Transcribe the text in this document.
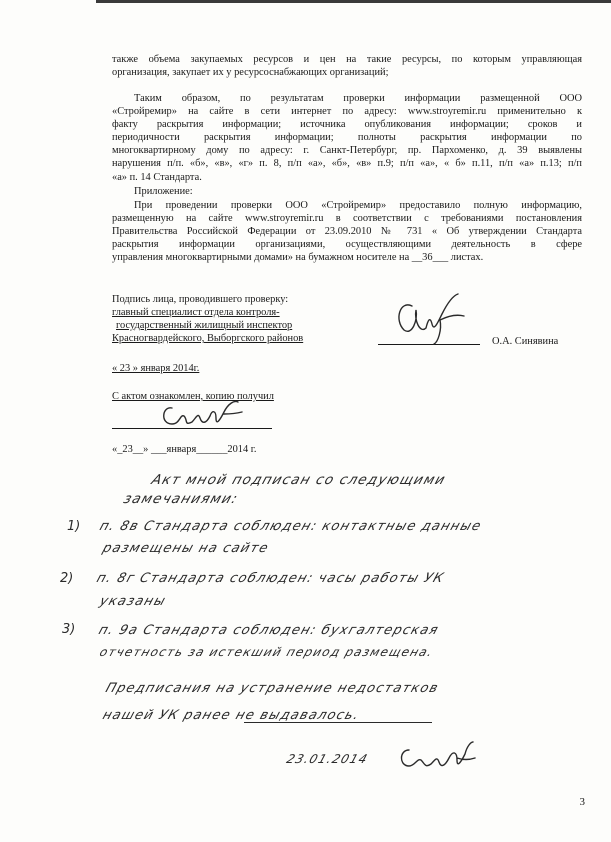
также объема закупаемых ресурсов и цен на такие ресурсы, по которым управляющая
организация, закупает их у ресурсоснабжающих организаций;
Таким образом, по результатам проверки информации размещенной ООО
«Стройремир» на сайте в сети интернет по адресу: www.stroyremir.ru применительно к
факту раскрытия информации; источника опубликования информации; сроков и
периодичности раскрытия информации; полноты раскрытия информации по
многоквартирному дому по адресу: г. Санкт-Петербург, пр. Пархоменко, д. 39 выявлены
нарушения п/п. «б», «в», «г» п. 8, п/п «а», «б», «в» п.9; п/п «а», « б» п.11, п/п «а» п.13; п/п
«а» п. 14 Стандарта.
Приложение:
При проведении проверки ООО «Стройремир» предоставило полную информацию,
размещенную на сайте www.stroyremir.ru в соответствии с требованиями постановления
Правительства Российской Федерации от 23.09.2010 № 731 « Об утверждении Стандарта
раскрытия информации организациями, осуществляющими деятельность в сфере
управления многоквартирными домами» на бумажном носителе на __36___ листах.
Подпись лица, проводившего проверку:
главный специалист отдела контроля-
государственный жилищный инспектор
Красногвардейского, Выборгского районов	О.А. Синявина
« 23 » января 2014г.
С актом ознакомлен, копию получил
«_23__» ___января______2014 г.
Акт мной подписан со следующими
замечаниями:
1) п. 8в Стандарта соблюден: контактные данные
размещены на сайте
2) п. 8г Стандарта соблюден: часы работы УК
указаны
3) п. 9а Стандарта соблюден: бухгалтерская
отчетность за истекший период размещена.
Предписания на устранение недостатков
нашей УК ранее не выдавалось.
23.01.2014
3
